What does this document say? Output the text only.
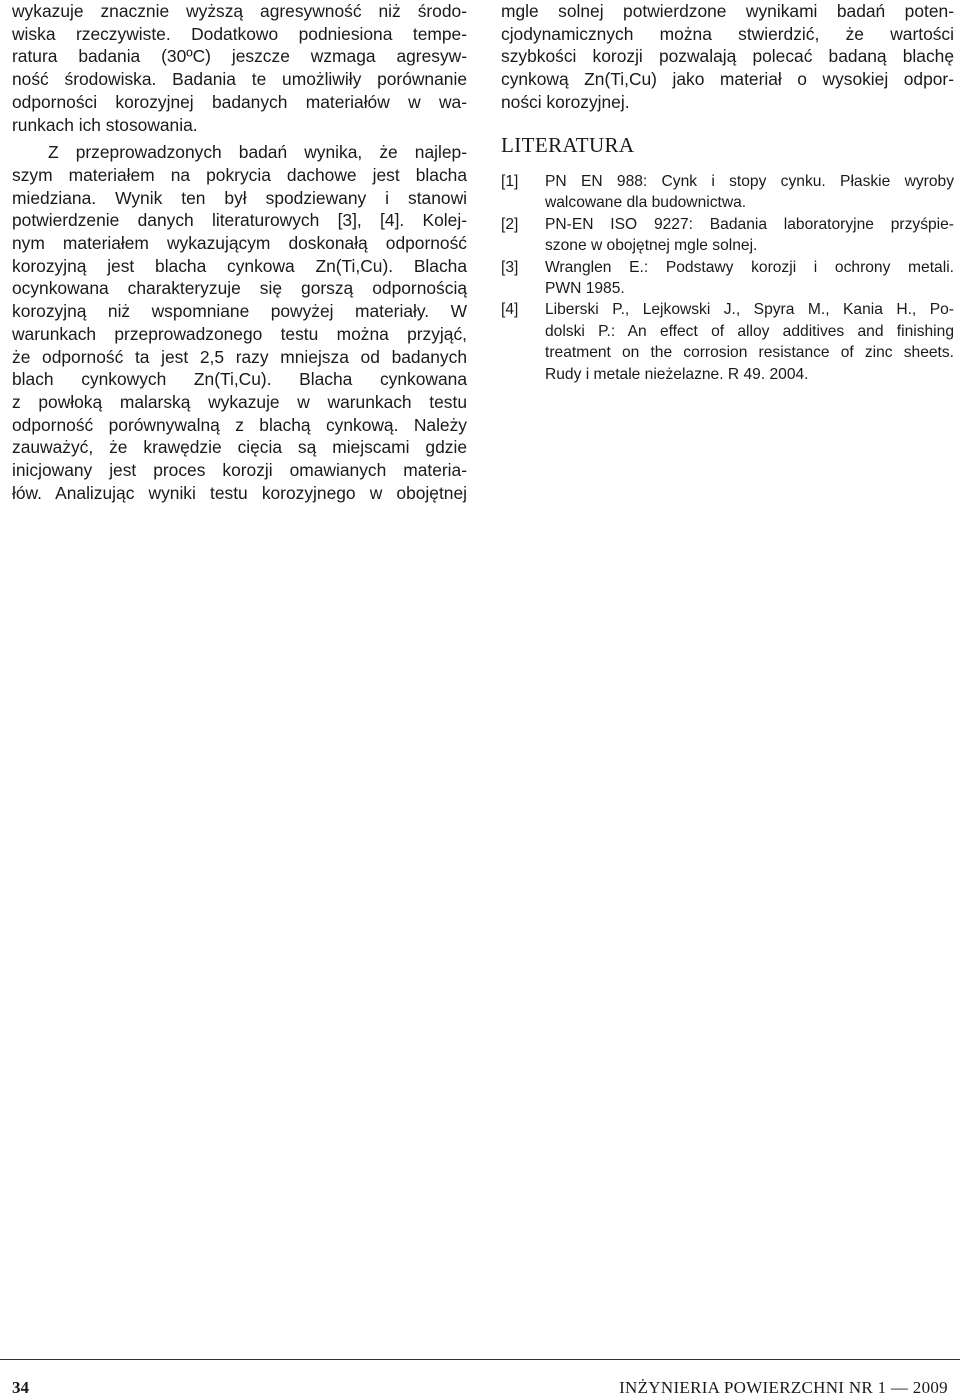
wykazuje znacznie wyższą agresywność niż środo-
wiska rzeczywiste. Dodatkowo podniesiona tempe-
ratura badania (30ºC) jeszcze wzmaga agresyw-
ność środowiska. Badania te umożliwiły porównanie
odporności korozyjnej badanych materiałów w wa-
runkach ich stosowania.
Z przeprowadzonych badań wynika, że najlep-
szym materiałem na pokrycia dachowe jest blacha
miedziana. Wynik ten był spodziewany i stanowi
potwierdzenie danych literaturowych [3], [4]. Kolej-
nym materiałem wykazującym doskonałą odporność
korozyjną jest blacha cynkowa Zn(Ti,Cu). Blacha
ocynkowana charakteryzuje się gorszą odpornością
korozyjną niż wspomniane powyżej materiały. W
warunkach przeprowadzonego testu można przyjąć,
że odporność ta jest 2,5 razy mniejsza od badanych
blach cynkowych Zn(Ti,Cu). Blacha cynkowana
z powłoką malarską wykazuje w warunkach testu
odporność porównywalną z blachą cynkową. Należy
zauważyć, że krawędzie cięcia są miejscami gdzie
inicjowany jest proces korozji omawianych materia-
łów. Analizując wyniki testu korozyjnego w obojętnej
mgle solnej potwierdzone wynikami badań poten-
cjodynamicznych można stwierdzić, że wartości
szybkości korozji pozwalają polecać badaną blachę
cynkową Zn(Ti,Cu) jako materiał o wysokiej odpor-
ności korozyjnej.
LITERATURA
[1]	PN EN 988: Cynk i stopy cynku. Płaskie wyroby
walcowane dla budownictwa.
[2]	PN-EN ISO 9227: Badania laboratoryjne przyśpie-
szone w obojętnej mgle solnej.
[3]	Wranglen E.: Podstawy korozji i ochrony metali.
PWN 1985.
[4]	Liberski P., Lejkowski J., Spyra M., Kania H., Po-
dolski P.: An effect of alloy additives and finishing
treatment on the corrosion resistance of zinc sheets.
Rudy i metale nieżelazne. R 49. 2004.
34	INŻYNIERIA POWIERZCHNI NR 1 — 2009
